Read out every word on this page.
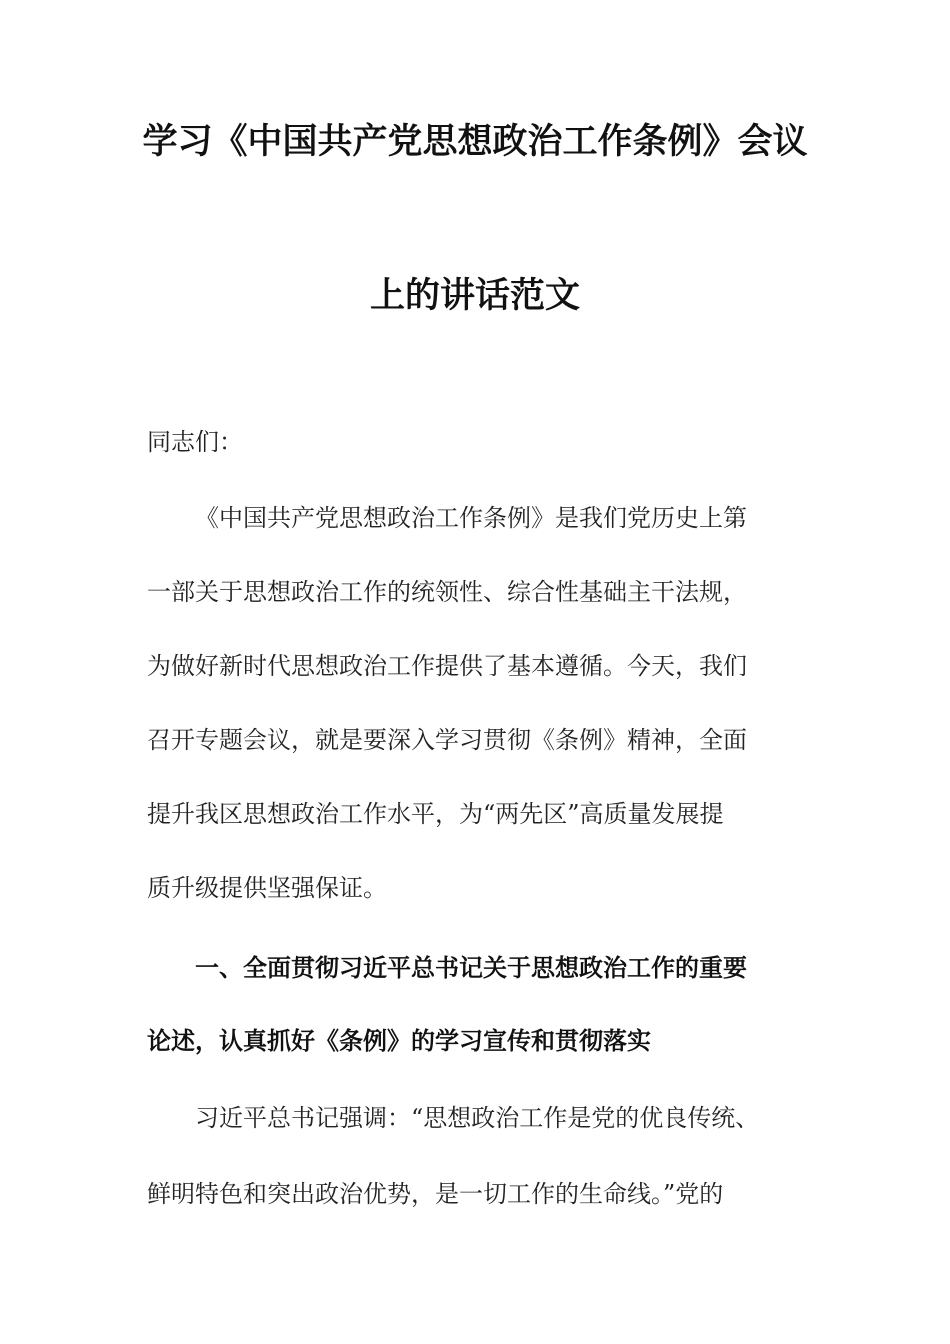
学习《中国共产党思想政治工作条例》会议
上的讲话范文
同志们：
《中国共产党思想政治工作条例》是我们党历史上第
一部关于思想政治工作的统领性、综合性基础主干法规，
为做好新时代思想政治工作提供了基本遵循。今天，我们
召开专题会议，就是要深入学习贯彻《条例》精神，全面
提升我区思想政治工作水平，为“两先区”高质量发展提
质升级提供坚强保证。
一、全面贯彻习近平总书记关于思想政治工作的重要
论述，认真抓好《条例》的学习宣传和贯彻落实
习近平总书记强调：“思想政治工作是党的优良传统、
鲜明特色和突出政治优势，是一切工作的生命线。”党的
